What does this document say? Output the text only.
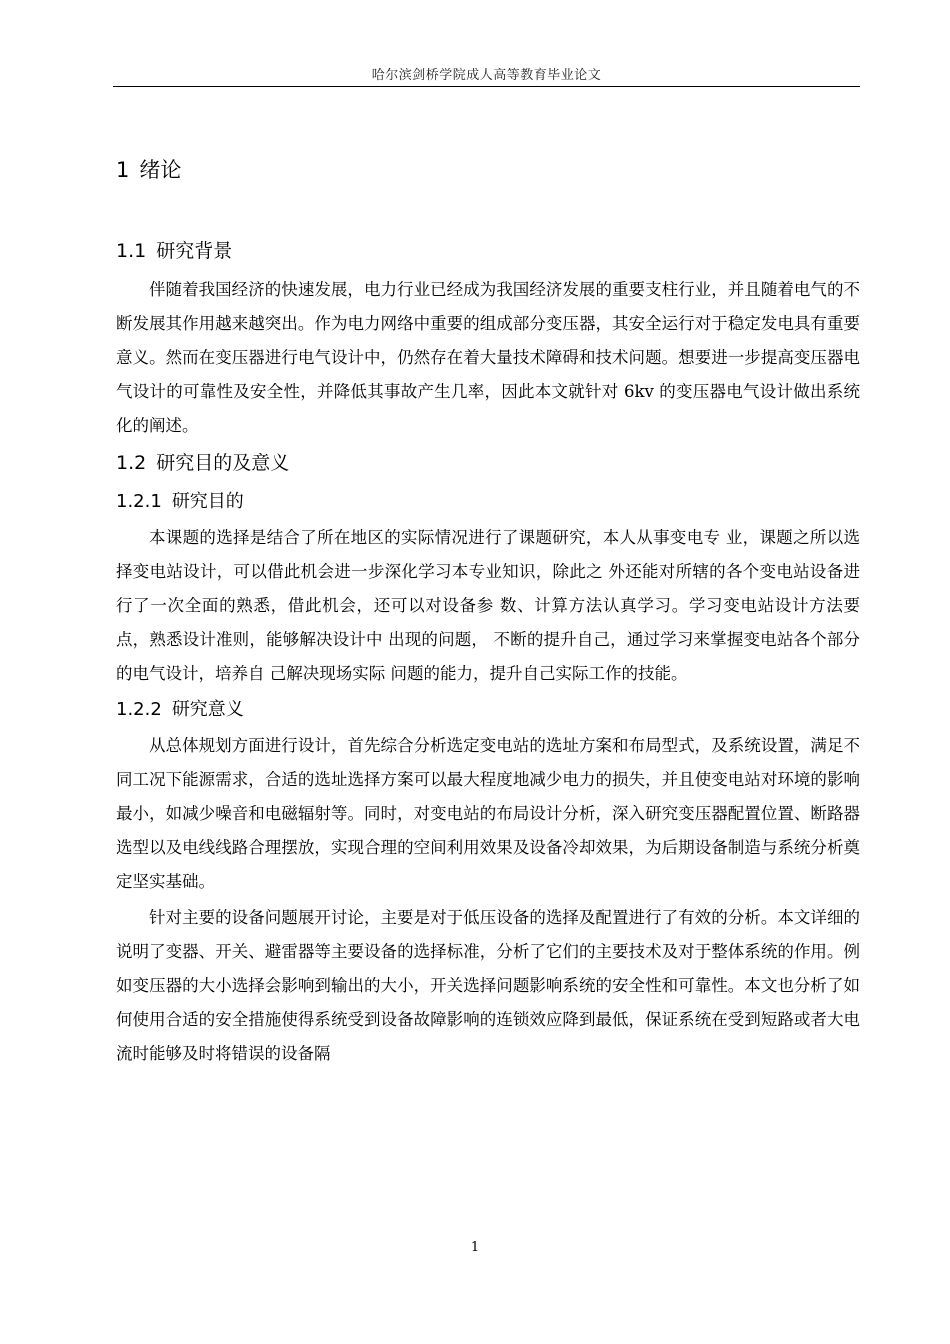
哈尔滨剑桥学院成人高等教育毕业论文
1 绪论
1.1 研究背景

伴随着我国经济的快速发展，电力行业已经成为我国经济发展的重要支柱行业，并且随着电气的不断发展其作用越来越突出。作为电力网络中重要的组成部分变压器，其安全运行对于稳定发电具有重要意义。然而在变压器进行电气设计中，仍然存在着大量技术障碍和技术问题。想要进一步提高变压器电气设计的可靠性及安全性，并降低其事故产生几率，因此本文就针对 6kv 的变压器电气设计做出系统化的阐述。

1.2 研究目的及意义
1.2.1 研究目的

本课题的选择是结合了所在地区的实际情况进行了课题研究，本人从事变电专 业，课题之所以选择变电站设计，可以借此机会进一步深化学习本专业知识，除此之 外还能对所辖的各个变电站设备进行了一次全面的熟悉，借此机会，还可以对设备参 数、计算方法认真学习。学习变电站设计方法要点，熟悉设计准则，能够解决设计中 出现的问题， 不断的提升自己，通过学习来掌握变电站各个部分的电气设计，培养自 己解决现场实际 问题的能力，提升自己实际工作的技能。

1.2.2 研究意义

从总体规划方面进行设计，首先综合分析选定变电站的选址方案和布局型式，及系统设置，满足不同工况下能源需求，合适的选址选择方案可以最大程度地减少电力的损失，并且使变电站对环境的影响最小，如减少噪音和电磁辐射等。同时，对变电站的布局设计分析，深入研究变压器配置位置、断路器选型以及电线线路合理摆放，实现合理的空间利用效果及设备冷却效果，为后期设备制造与系统分析奠定坚实基础。

针对主要的设备问题展开讨论，主要是对于低压设备的选择及配置进行了有效的分析。本文详细的说明了变器、开关、避雷器等主要设备的选择标准，分析了它们的主要技术及对于整体系统的作用。例如变压器的大小选择会影响到输出的大小，开关选择问题影响系统的安全性和可靠性。本文也分析了如何使用合适的安全措施使得系统受到设备故障影响的连锁效应降到最低，保证系统在受到短路或者大电流时能够及时将错误的设备隔

1
